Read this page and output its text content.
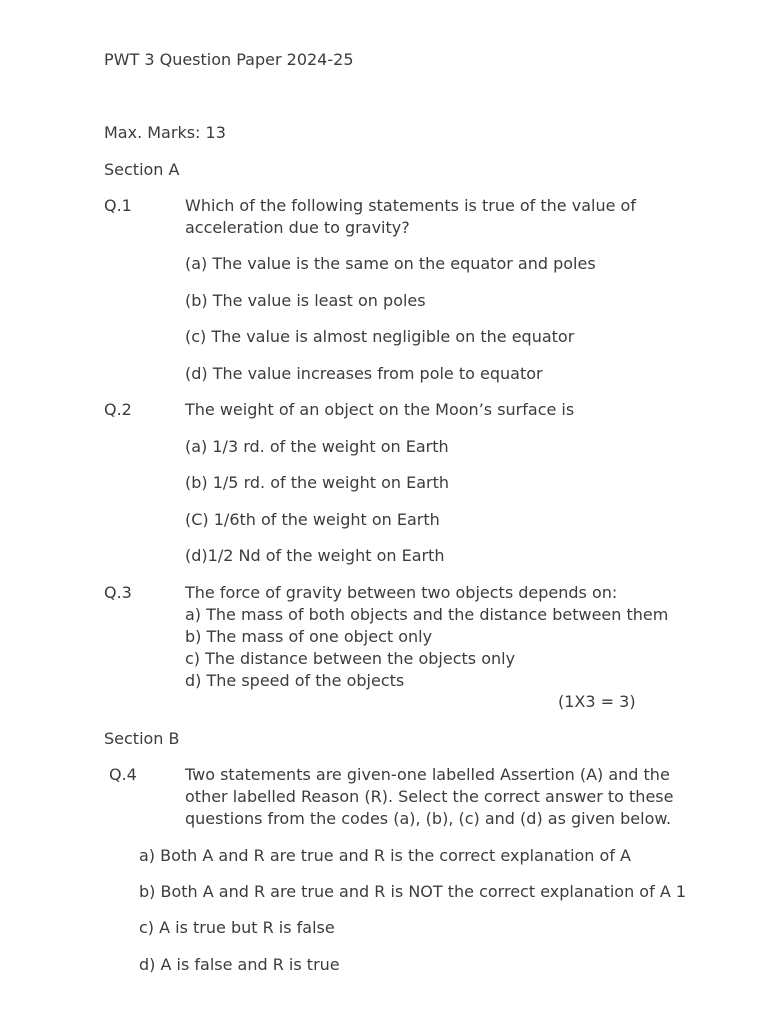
PWT 3 Question Paper 2024-25
Max. Marks: 13
Section A
Q.1	Which of the following statements is true of the value of
acceleration due to gravity?
(a) The value is the same on the equator and poles
(b) The value is least on poles
(c) The value is almost negligible on the equator
(d) The value increases from pole to equator
Q.2	The weight of an object on the Moon’s surface is
(a) 1/3 rd. of the weight on Earth
(b) 1/5 rd. of the weight on Earth
(C) 1/6th of the weight on Earth
(d)1/2 Nd of the weight on Earth
Q.3	The force of gravity between two objects depends on:
a) The mass of both objects and the distance between them
b) The mass of one object only
c) The distance between the objects only
d) The speed of the objects
(1X3 = 3)
Section B
Q.4	Two statements are given-one labelled Assertion (A) and the
other labelled Reason (R). Select the correct answer to these
questions from the codes (a), (b), (c) and (d) as given below.
a) Both A and R are true and R is the correct explanation of A
b) Both A and R are true and R is NOT the correct explanation of A 1
c) A is true but R is false
d) A is false and R is true
